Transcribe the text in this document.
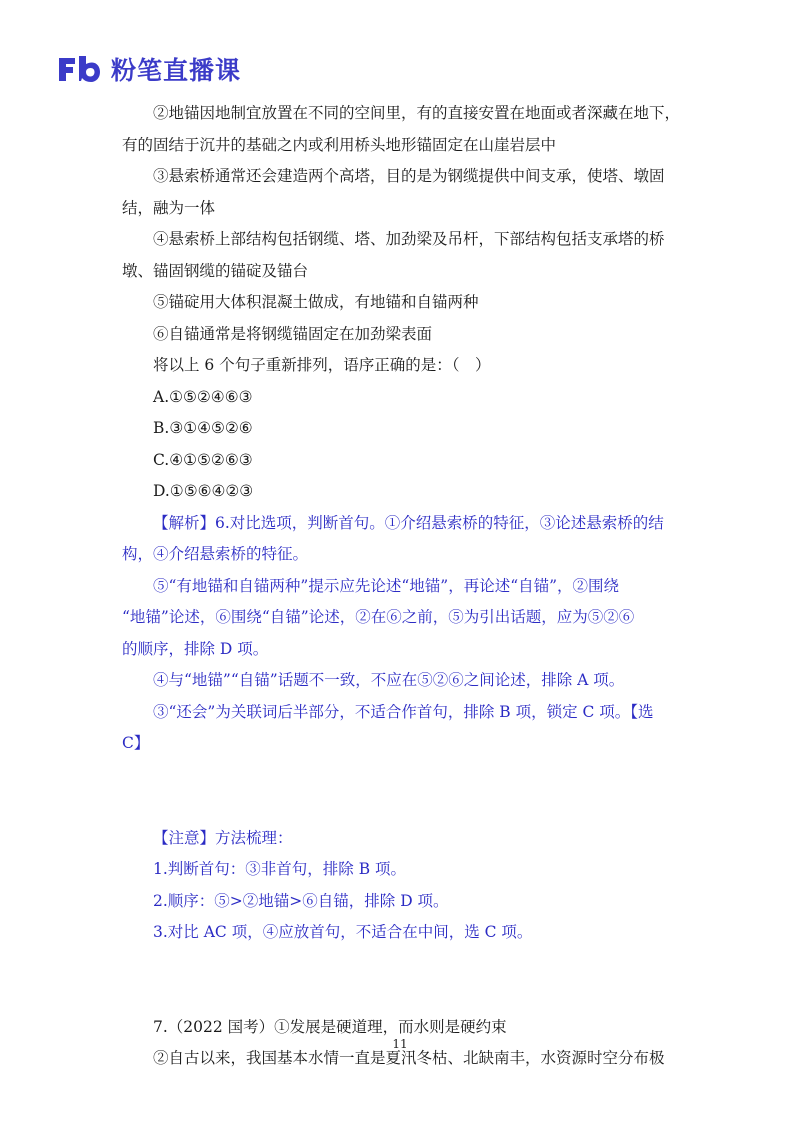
粉笔直播课
②地锚因地制宜放置在不同的空间里，有的直接安置在地面或者深藏在地下，
有的固结于沉井的基础之内或利用桥头地形锚固定在山崖岩层中
③悬索桥通常还会建造两个高塔，目的是为钢缆提供中间支承，使塔、墩固
结，融为一体
④悬索桥上部结构包括钢缆、塔、加劲梁及吊杆，下部结构包括支承塔的桥
墩、锚固钢缆的锚碇及锚台
⑤锚碇用大体积混凝土做成，有地锚和自锚两种
⑥自锚通常是将钢缆锚固定在加劲梁表面
将以上 6 个句子重新排列，语序正确的是：（　）
A.①⑤②④⑥③
B.③①④⑤②⑥
C.④①⑤②⑥③
D.①⑤⑥④②③
【解析】6.对比选项，判断首句。①介绍悬索桥的特征，③论述悬索桥的结
构，④介绍悬索桥的特征。
⑤“有地锚和自锚两种”提示应先论述“地锚”，再论述“自锚”，②围绕
“地锚”论述，⑥围绕“自锚”论述，②在⑥之前，⑤为引出话题，应为⑤②⑥
的顺序，排除 D 项。
④与“地锚”“自锚”话题不一致，不应在⑤②⑥之间论述，排除 A 项。
③“还会”为关联词后半部分，不适合作首句，排除 B 项，锁定 C 项。【选
C】
【注意】方法梳理：
1.判断首句：③非首句，排除 B 项。
2.顺序：⑤>②地锚>⑥自锚，排除 D 项。
3.对比 AC 项，④应放首句，不适合在中间，选 C 项。
7.（2022 国考）①发展是硬道理，而水则是硬约束
②自古以来，我国基本水情一直是夏汛冬枯、北缺南丰，水资源时空分布极
11
